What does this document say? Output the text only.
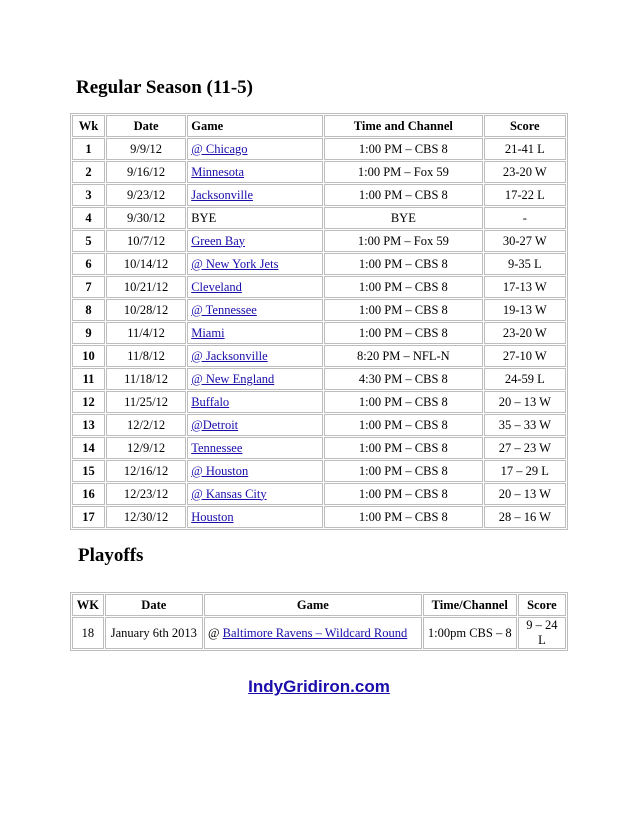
Regular Season (11-5)
Wk	Date	Game	Time and Channel	Score
1	9/9/12	@ Chicago	1:00 PM – CBS 8	21-41 L
2	9/16/12	Minnesota	1:00 PM – Fox 59	23-20 W
3	9/23/12	Jacksonville	1:00 PM – CBS 8	17-22 L
4	9/30/12	BYE	BYE	-
5	10/7/12	Green Bay	1:00 PM – Fox 59	30-27 W
6	10/14/12	@ New York Jets	1:00 PM – CBS 8	9-35 L
7	10/21/12	Cleveland	1:00 PM – CBS 8	17-13 W
8	10/28/12	@ Tennessee	1:00 PM – CBS 8	19-13 W
9	11/4/12	Miami	1:00 PM – CBS 8	23-20 W
10	11/8/12	@ Jacksonville	8:20 PM – NFL-N	27-10 W
11	11/18/12	@ New England	4:30 PM – CBS 8	24-59 L
12	11/25/12	Buffalo	1:00 PM – CBS 8	20 – 13 W
13	12/2/12	@Detroit	1:00 PM – CBS 8	35 – 33 W
14	12/9/12	Tennessee	1:00 PM – CBS 8	27 – 23 W
15	12/16/12	@ Houston	1:00 PM – CBS 8	17 – 29 L
16	12/23/12	@ Kansas City	1:00 PM – CBS 8	20 – 13 W
17	12/30/12	Houston	1:00 PM – CBS 8	28 – 16 W
Playoffs
WK	Date	Game	Time/Channel	Score
18	January 6th 2013	@ Baltimore Ravens – Wildcard Round	1:00pm CBS – 8	9 – 24 L
IndyGridiron.com
